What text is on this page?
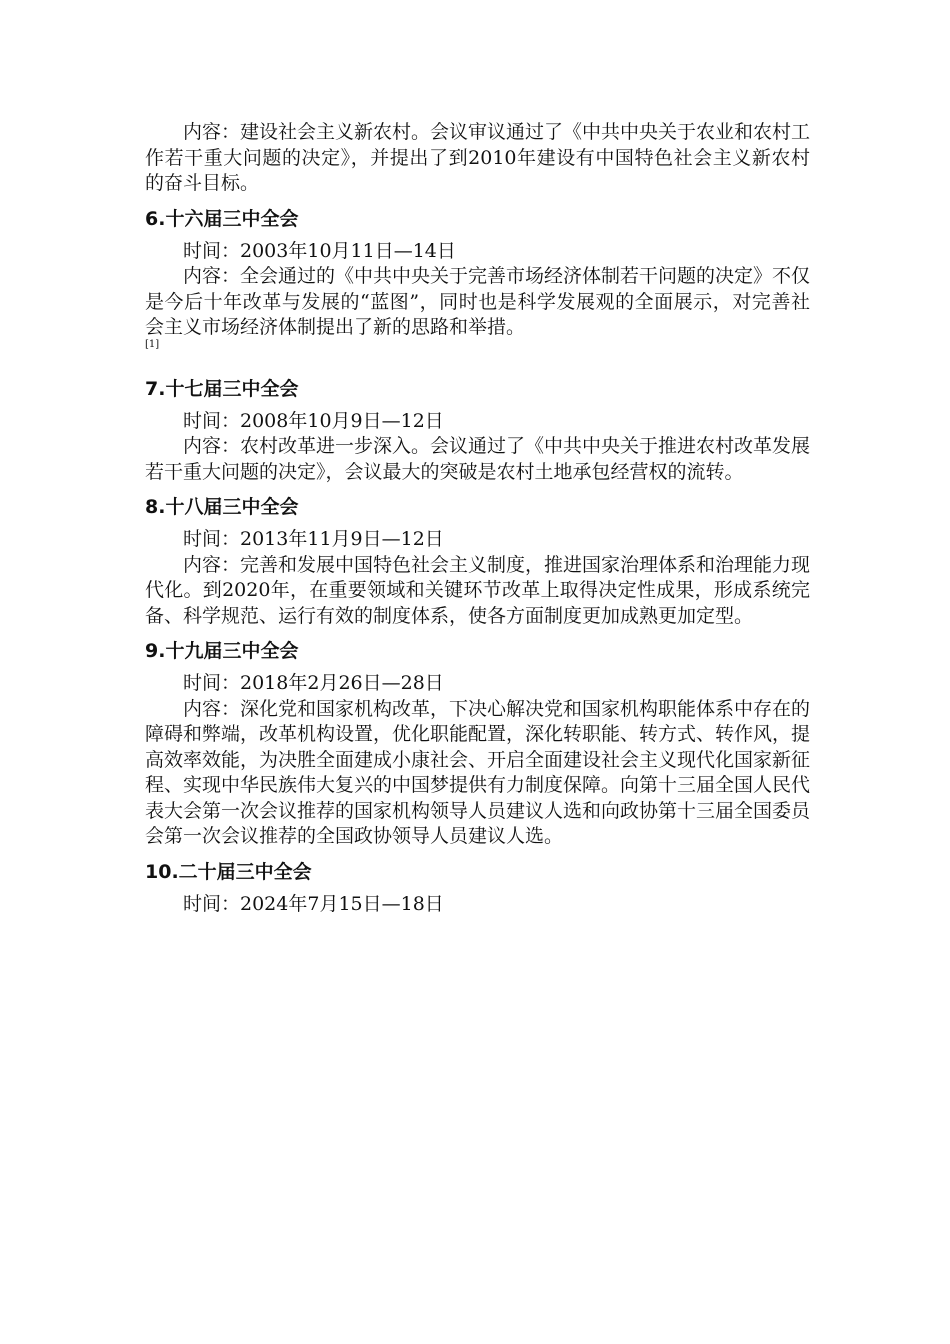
内容：建设社会主义新农村。会议审议通过了《中共中央关于农业和农村工作若干重大问题的决定》，并提出了到2010年建设有中国特色社会主义新农村的奋斗目标。

6.十六届三中全会

时间：2003年10月11日—14日

内容：全会通过的《中共中央关于完善市场经济体制若干问题的决定》不仅是今后十年改革与发展的“蓝图”，同时也是科学发展观的全面展示，对完善社会主义市场经济体制提出了新的思路和举措。

[1]
7.十七届三中全会

时间：2008年10月9日—12日

内容：农村改革进一步深入。会议通过了《中共中央关于推进农村改革发展若干重大问题的决定》，会议最大的突破是农村土地承包经营权的流转。

8.十八届三中全会

时间：2013年11月9日—12日

内容：完善和发展中国特色社会主义制度，推进国家治理体系和治理能力现代化。到2020年，在重要领域和关键环节改革上取得决定性成果，形成系统完备、科学规范、运行有效的制度体系，使各方面制度更加成熟更加定型。

9.十九届三中全会

时间：2018年2月26日—28日

内容：深化党和国家机构改革，下决心解决党和国家机构职能体系中存在的障碍和弊端，改革机构设置，优化职能配置，深化转职能、转方式、转作风，提高效率效能，为决胜全面建成小康社会、开启全面建设社会主义现代化国家新征程、实现中华民族伟大复兴的中国梦提供有力制度保障。向第十三届全国人民代表大会第一次会议推荐的国家机构领导人员建议人选和向政协第十三届全国委员会第一次会议推荐的全国政协领导人员建议人选。

10.二十届三中全会

时间：2024年7月15日—18日
